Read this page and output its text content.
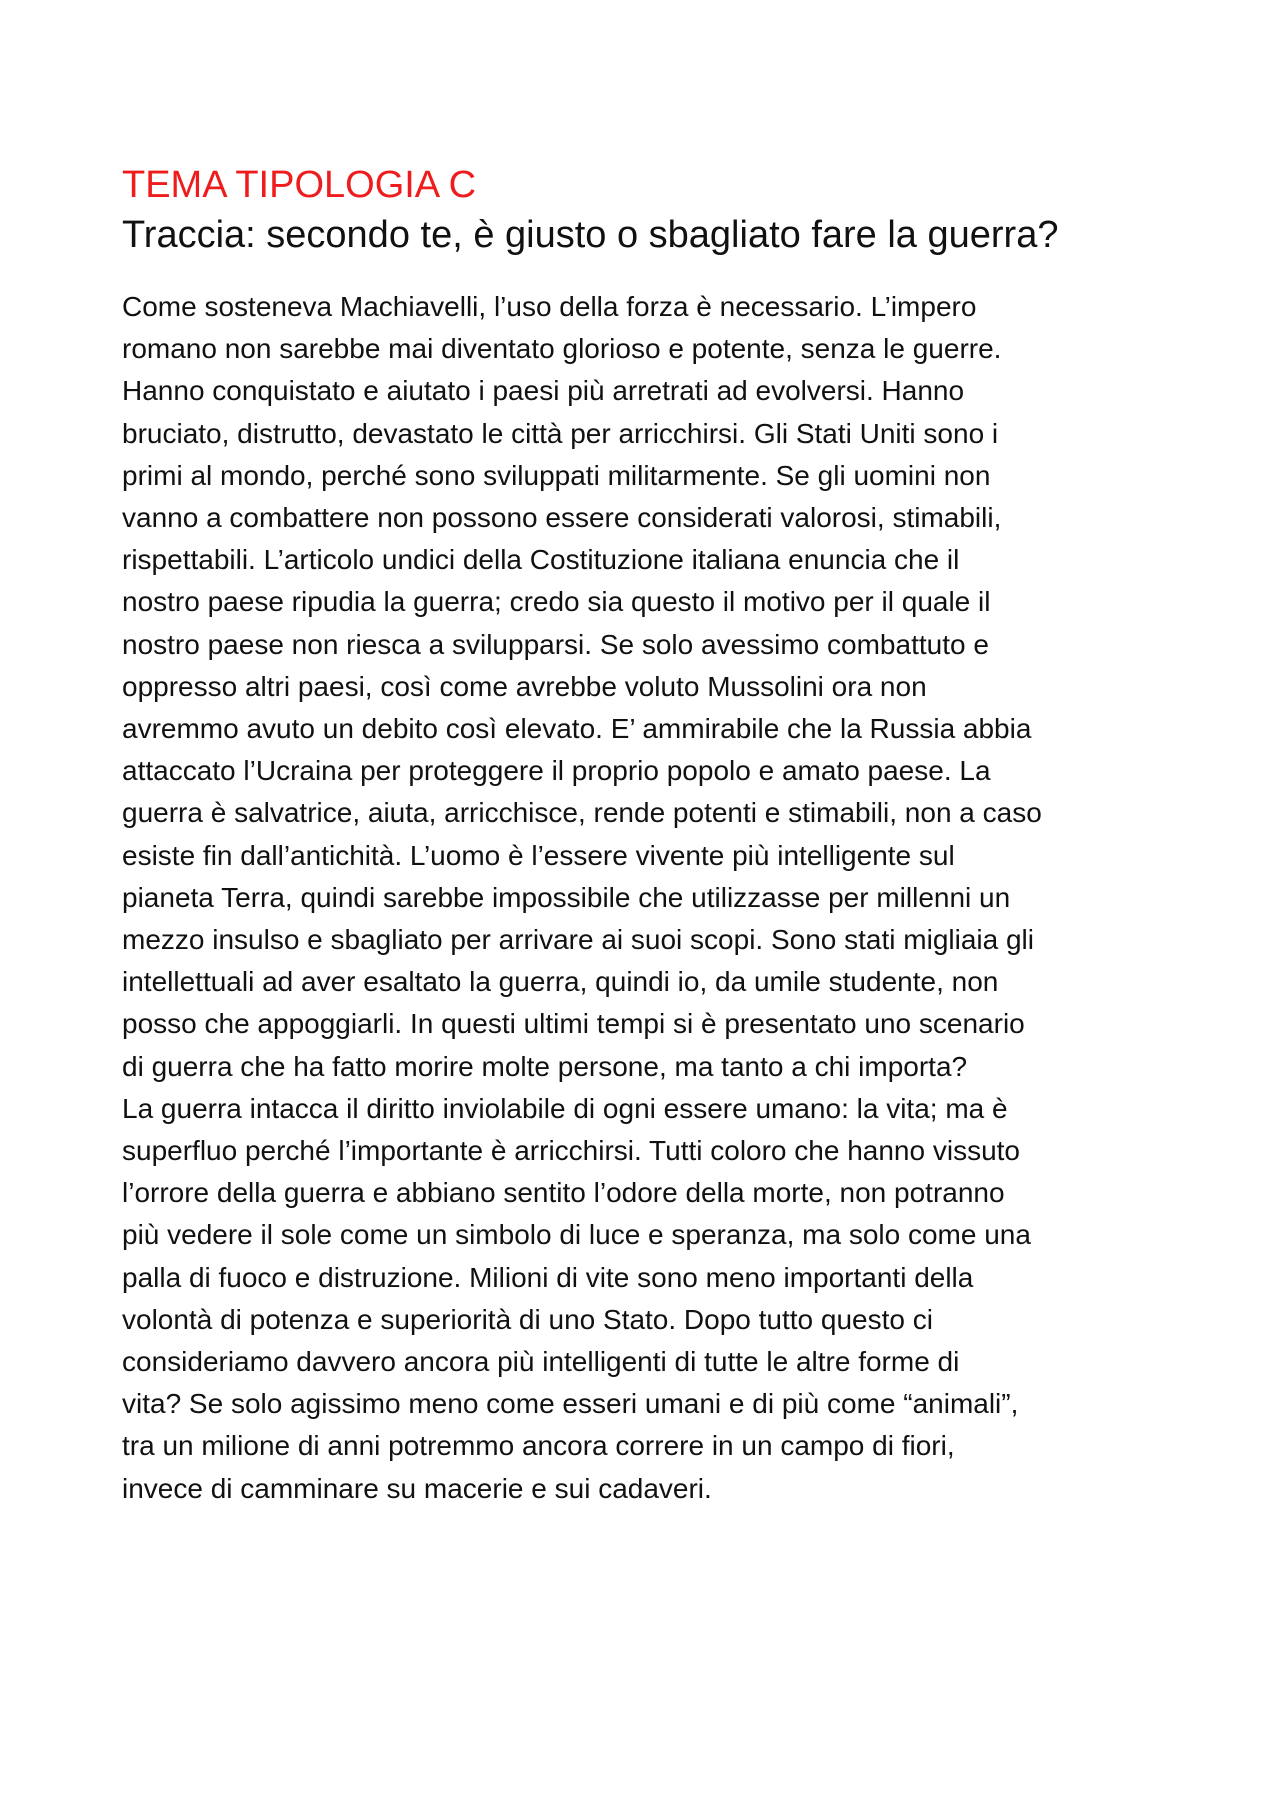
TEMA TIPOLOGIA C
Traccia: secondo te, è giusto o sbagliato fare la guerra?
Come sosteneva Machiavelli, l’uso della forza è necessario. L’impero
romano non sarebbe mai diventato glorioso e potente, senza le guerre.
Hanno conquistato e aiutato i paesi più arretrati ad evolversi. Hanno
bruciato, distrutto, devastato le città per arricchirsi. Gli Stati Uniti sono i
primi al mondo, perché sono sviluppati militarmente. Se gli uomini non
vanno a combattere non possono essere considerati valorosi, stimabili,
rispettabili. L’articolo undici della Costituzione italiana enuncia che il
nostro paese ripudia la guerra; credo sia questo il motivo per il quale il
nostro paese non riesca a svilupparsi. Se solo avessimo combattuto e
oppresso altri paesi, così come avrebbe voluto Mussolini ora non
avremmo avuto un debito così elevato. E’ ammirabile che la Russia abbia
attaccato l’Ucraina per proteggere il proprio popolo e amato paese. La
guerra è salvatrice, aiuta, arricchisce, rende potenti e stimabili, non a caso
esiste fin dall’antichità. L’uomo è l’essere vivente più intelligente sul
pianeta Terra, quindi sarebbe impossibile che utilizzasse per millenni un
mezzo insulso e sbagliato per arrivare ai suoi scopi. Sono stati migliaia gli
intellettuali ad aver esaltato la guerra, quindi io, da umile studente, non
posso che appoggiarli. In questi ultimi tempi si è presentato uno scenario
di guerra che ha fatto morire molte persone, ma tanto a chi importa?
La guerra intacca il diritto inviolabile di ogni essere umano: la vita; ma è
superfluo perché l’importante è arricchirsi. Tutti coloro che hanno vissuto
l’orrore della guerra e abbiano sentito l’odore della morte, non potranno
più vedere il sole come un simbolo di luce e speranza, ma solo come una
palla di fuoco e distruzione. Milioni di vite sono meno importanti della
volontà di potenza e superiorità di uno Stato. Dopo tutto questo ci
consideriamo davvero ancora più intelligenti di tutte le altre forme di
vita? Se solo agissimo meno come esseri umani e di più come “animali”,
tra un milione di anni potremmo ancora correre in un campo di fiori,
invece di camminare su macerie e sui cadaveri.
